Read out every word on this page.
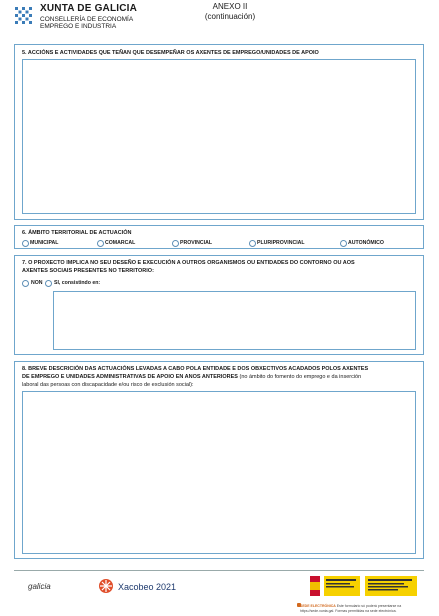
XUNTA DE GALICIA
CONSELLERÍA DE ECONOMÍA
EMPREGO E INDUSTRIA
ANEXO II
(continuación)
5. ACCIÓNS E ACTIVIDADES QUE TEÑAN QUE DESEMPEÑAR OS AXENTES DE EMPREGO/UNIDADES DE APOIO
6. ÁMBITO TERRITORIAL DE ACTUACIÓN
MUNICIPAL	COMARCAL	PROVINCIAL	PLURIPROVINCIAL	AUTONÓMICO
7. O PROXECTO IMPLICA NO SEU DESEÑO E EXECUCIÓN A OUTROS ORGANISMOS OU ENTIDADES DO CONTORNO OU AOS
AXENTES SOCIAIS PRESENTES NO TERRITORIO:
NON SI, consistindo en:
8. BREVE DESCRICIÓN DAS ACTUACIÓNS LEVADAS A CABO POLA ENTIDADE E DOS OBXECTIVOS ACADADOS POLOS AXENTES
DE EMPREGO E UNIDADES ADMINISTRATIVAS DE APOIO EN ANOS ANTERIORES (no ámbito do fomento do emprego e da inserción
laboral das persoas con discapacidade e/ou risco de exclusión social):
galicia	Xacobeo 2021
SEDE ELECTRÓNICA Este formulario só poderá presentarse na https://sede.xunta.gal. Formas permitidas na sede electrónica.
